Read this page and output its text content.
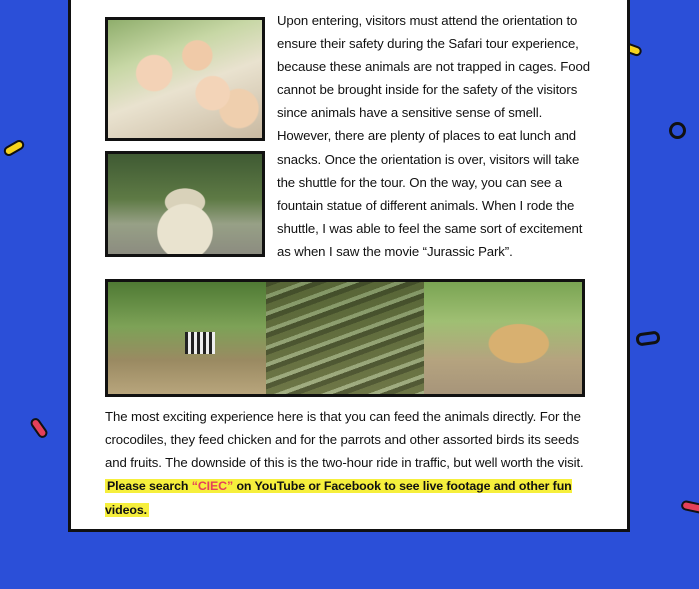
Upon entering, visitors must attend the orientation to ensure their safety during the Safari tour experience, because these animals are not trapped in cages. Food cannot be brought inside for the safety of the visitors since animals have a sensitive sense of smell. However, there are plenty of places to eat lunch and snacks. Once the orientation is over, visitors will take the shuttle for the tour. On the way, you can see a fountain statue of different animals. When I rode the shuttle, I was able to feel the same sort of excitement as when I saw the movie “Jurassic Park”.

The most exciting experience here is that you can feed the animals directly. For the crocodiles, they feed chicken and for the parrots and other assorted birds its seeds and fruits. The downside of this is the two-hour ride in traffic, but well worth the visit.
Please search “CIEC” on YouTube or Facebook to see live footage and other fun videos.
